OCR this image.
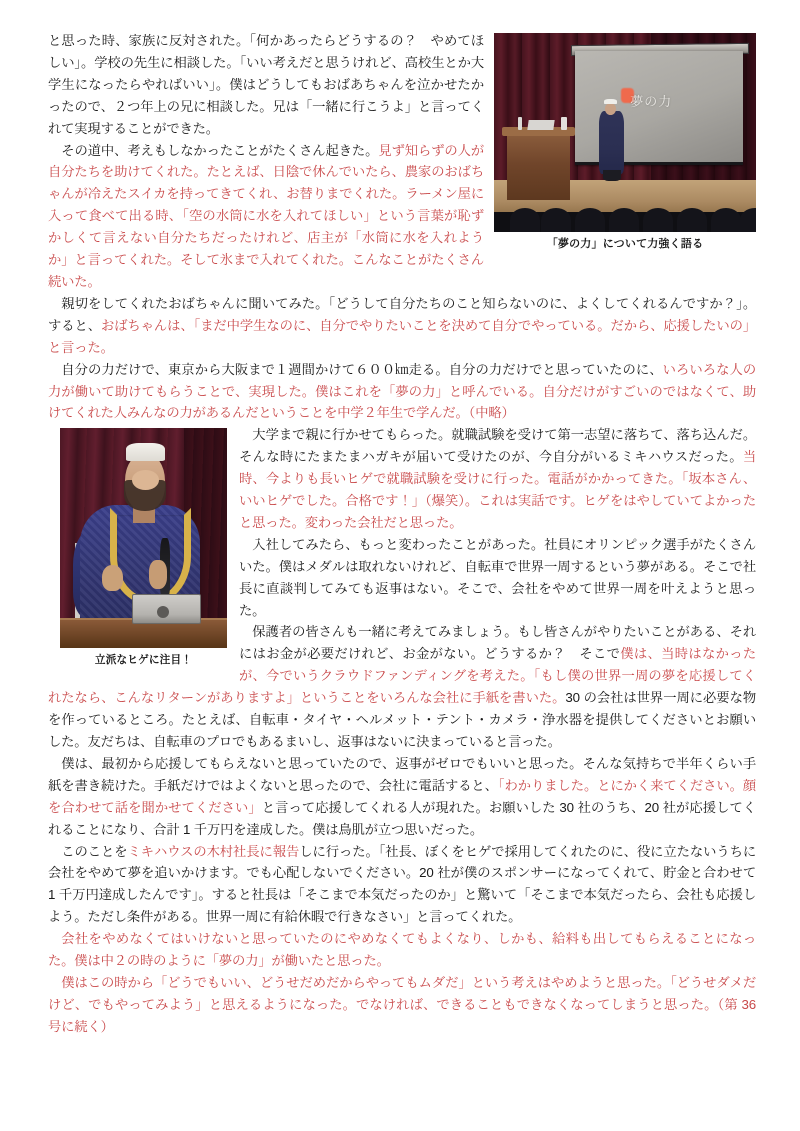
夢の力
「夢の力」について力強く語る

と思った時、家族に反対された。「何かあったらどうするの？　やめてほしい」。学校の先生に相談した。「いい考えだと思うけれど、高校生とか大学生になったらやればいい」。僕はどうしてもおばあちゃんを泣かせたかったので、２つ年上の兄に相談した。兄は「一緒に行こうよ」と言ってくれて実現することができた。

その道中、考えもしなかったことがたくさん起きた。見ず知らずの人が自分たちを助けてくれた。たとえば、日陰で休んでいたら、農家のおばちゃんが冷えたスイカを持ってきてくれ、お替りまでくれた。ラーメン屋に入って食べて出る時、「空の水筒に水を入れてほしい」という言葉が恥ずかしくて言えない自分たちだったけれど、店主が「水筒に水を入れようか」と言ってくれた。そして氷まで入れてくれた。こんなことがたくさん続いた。

親切をしてくれたおばちゃんに聞いてみた。「どうして自分たちのこと知らないのに、よくしてくれるんですか？」。すると、おばちゃんは、「まだ中学生なのに、自分でやりたいことを決めて自分でやっている。だから、応援したいの」と言った。

自分の力だけで、東京から大阪まで１週間かけて６００㎞走る。自分の力だけでと思っていたのに、いろいろな人の力が働いて助けてもらうことで、実現した。僕はこれを「夢の力」と呼んでいる。自分だけがすごいのではなくて、助けてくれた人みんなの力があるんだということを中学２年生で学んだ。（中略）

立派なヒゲに注目！

大学まで親に行かせてもらった。就職試験を受けて第一志望に落ちて、落ち込んだ。そんな時にたまたまハガキが届いて受けたのが、今自分がいるミキハウスだった。当時、今よりも長いヒゲで就職試験を受けに行った。電話がかかってきた。「坂本さん、いいヒゲでした。合格です！」（爆笑）。これは実話です。ヒゲをはやしていてよかったと思った。変わった会社だと思った。

入社してみたら、もっと変わったことがあった。社員にオリンピック選手がたくさんいた。僕はメダルは取れないけれど、自転車で世界一周するという夢がある。そこで社長に直談判してみても返事はない。そこで、会社をやめて世界一周を叶えようと思った。

保護者の皆さんも一緒に考えてみましょう。もし皆さんがやりたいことがある、それにはお金が必要だけれど、お金がない。どうするか？　そこで僕は、当時はなかったが、今でいうクラウドファンディングを考えた。「もし僕の世界一周の夢を応援してくれたなら、こんなリターンがありますよ」ということをいろんな会社に手紙を書いた。30 の会社は世界一周に必要な物を作っているところ。たとえば、自転車・タイヤ・ヘルメット・テント・カメラ・浄水器を提供してくださいとお願いした。友だちは、自転車のプロでもあるまいし、返事はないに決まっていると言った。

僕は、最初から応援してもらえないと思っていたので、返事がゼロでもいいと思った。そんな気持ちで半年くらい手紙を書き続けた。手紙だけではよくないと思ったので、会社に電話すると、「わかりました。とにかく来てください。顔を合わせて話を聞かせてください」と言って応援してくれる人が現れた。お願いした 30 社のうち、20 社が応援してくれることになり、合計 1 千万円を達成した。僕は鳥肌が立つ思いだった。

このことをミキハウスの木村社長に報告しに行った。「社長、ぼくをヒゲで採用してくれたのに、役に立たないうちに会社をやめて夢を追いかけます。でも心配しないでください。20 社が僕のスポンサーになってくれて、貯金と合わせて 1 千万円達成したんです」。すると社長は「そこまで本気だったのか」と驚いて「そこまで本気だったら、会社も応援しよう。ただし条件がある。世界一周に有給休暇で行きなさい」と言ってくれた。

会社をやめなくてはいけないと思っていたのにやめなくてもよくなり、しかも、給料も出してもらえることになった。僕は中２の時のように「夢の力」が働いたと思った。

僕はこの時から「どうでもいい、どうせだめだからやってもムダだ」という考えはやめようと思った。「どうせダメだけど、でもやってみよう」と思えるようになった。でなければ、できることもできなくなってしまうと思った。（第 36 号に続く）
